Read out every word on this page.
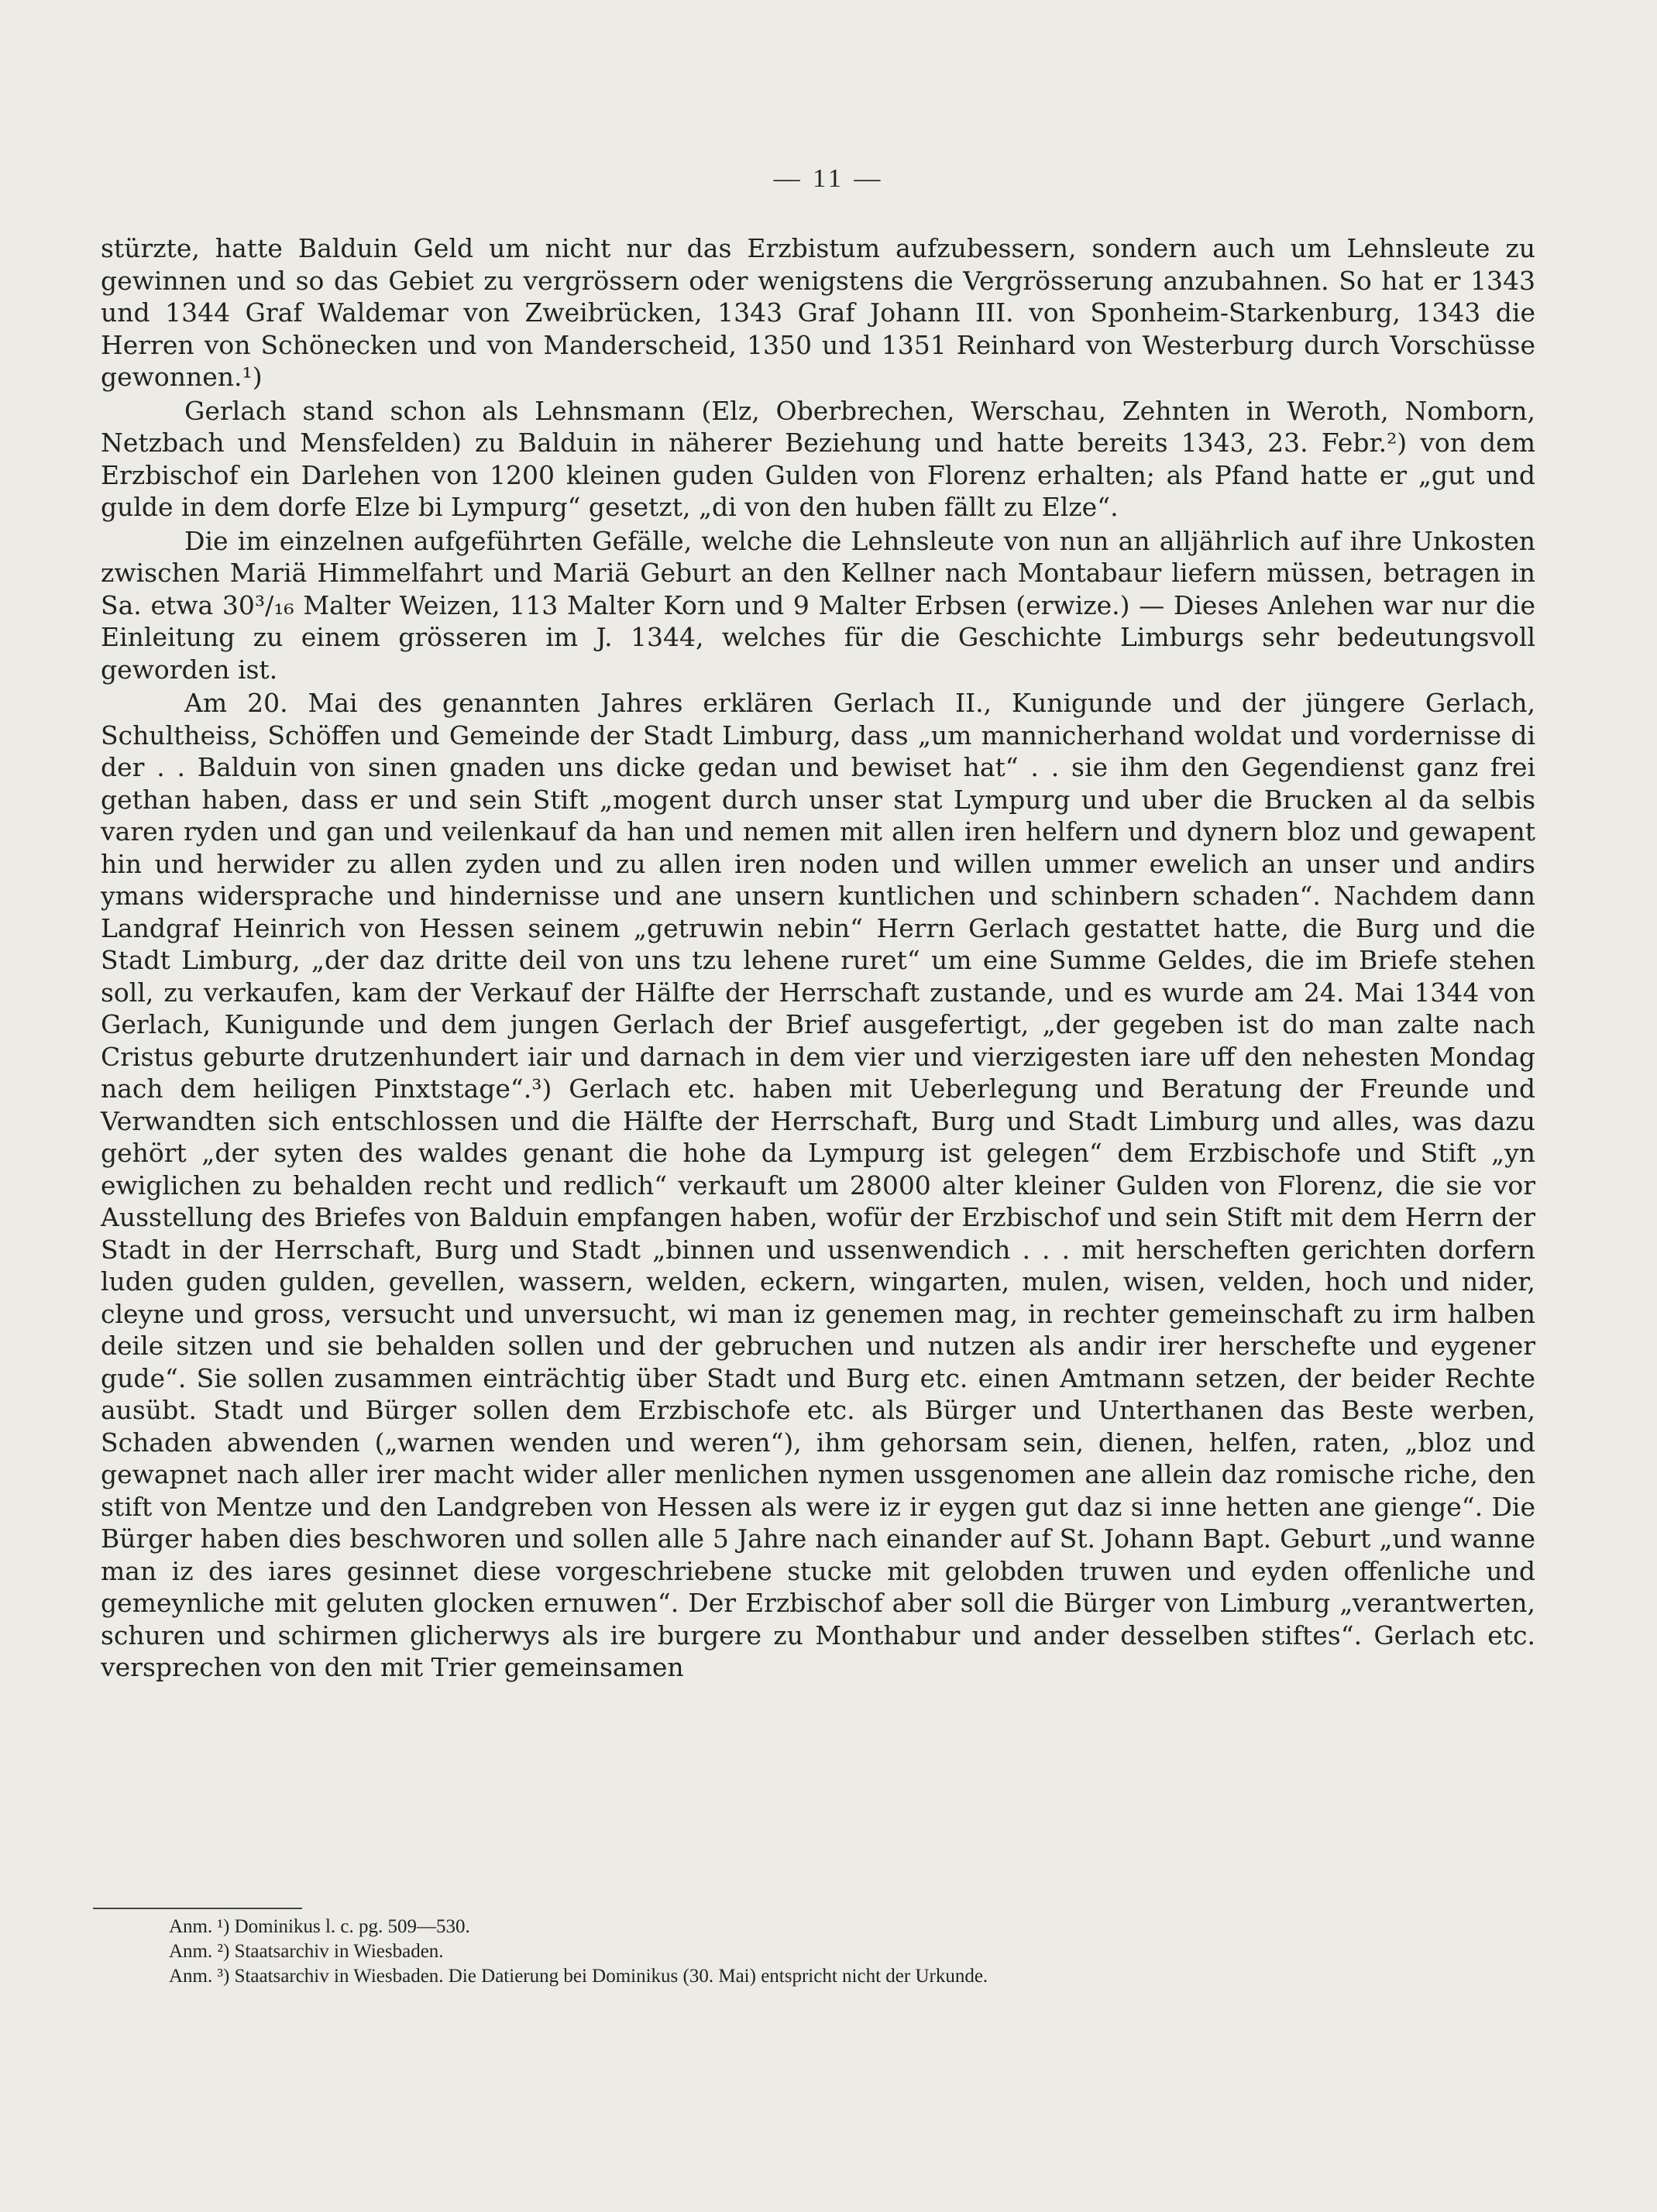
— 11 —

stürzte, hatte Balduin Geld um nicht nur das Erzbistum aufzubessern, sondern auch um Lehnsleute zu gewinnen und so das Gebiet zu vergrössern oder wenigstens die Vergrösserung anzubahnen. So hat er 1343 und 1344 Graf Waldemar von Zweibrücken, 1343 Graf Johann III. von Sponheim-Starkenburg, 1343 die Herren von Schönecken und von Manderscheid, 1350 und 1351 Reinhard von Westerburg durch Vorschüsse gewonnen.¹)

Gerlach stand schon als Lehnsmann (Elz, Oberbrechen, Werschau, Zehnten in Weroth, Nomborn, Netzbach und Mensfelden) zu Balduin in näherer Beziehung und hatte bereits 1343, 23. Febr.²) von dem Erzbischof ein Darlehen von 1200 kleinen guden Gulden von Florenz erhalten; als Pfand hatte er „gut und gulde in dem dorfe Elze bi Lympurg“ gesetzt, „di von den huben fällt zu Elze“.

Die im einzelnen aufgeführten Gefälle, welche die Lehnsleute von nun an alljährlich auf ihre Unkosten zwischen Mariä Himmelfahrt und Mariä Geburt an den Kellner nach Montabaur liefern müssen, betragen in Sa. etwa 30³/₁₆ Malter Weizen, 113 Malter Korn und 9 Malter Erbsen (erwize.) — Dieses Anlehen war nur die Einleitung zu einem grösseren im J. 1344, welches für die Geschichte Limburgs sehr bedeutungsvoll geworden ist.

Am 20. Mai des genannten Jahres erklären Gerlach II., Kunigunde und der jüngere Gerlach, Schultheiss, Schöffen und Gemeinde der Stadt Limburg, dass „um mannicherhand woldat und vordernisse di der . . Balduin von sinen gnaden uns dicke gedan und bewiset hat“ . . sie ihm den Gegendienst ganz frei gethan haben, dass er und sein Stift „mogent durch unser stat Lympurg und uber die Brucken al da selbis varen ryden und gan und veilenkauf da han und nemen mit allen iren helfern und dynern bloz und gewapent hin und herwider zu allen zyden und zu allen iren noden und willen ummer ewelich an unser und andirs ymans widersprache und hindernisse und ane unsern kuntlichen und schinbern schaden“. Nachdem dann Landgraf Heinrich von Hessen seinem „getruwin nebin“ Herrn Gerlach gestattet hatte, die Burg und die Stadt Limburg, „der daz dritte deil von uns tzu lehene ruret“ um eine Summe Geldes, die im Briefe stehen soll, zu verkaufen, kam der Verkauf der Hälfte der Herrschaft zustande, und es wurde am 24. Mai 1344 von Gerlach, Kunigunde und dem jungen Gerlach der Brief ausgefertigt, „der gegeben ist do man zalte nach Cristus geburte drutzenhundert iair und darnach in dem vier und vierzigesten iare uff den nehesten Mondag nach dem heiligen Pinxtstage“.³) Gerlach etc. haben mit Ueberlegung und Beratung der Freunde und Verwandten sich entschlossen und die Hälfte der Herrschaft, Burg und Stadt Limburg und alles, was dazu gehört „der syten des waldes genant die hohe da Lympurg ist gelegen“ dem Erzbischofe und Stift „yn ewiglichen zu behalden recht und redlich“ verkauft um 28000 alter kleiner Gulden von Florenz, die sie vor Ausstellung des Briefes von Balduin empfangen haben, wofür der Erzbischof und sein Stift mit dem Herrn der Stadt in der Herrschaft, Burg und Stadt „binnen und ussenwendich . . . mit herscheften gerichten dorfern luden guden gulden, gevellen, wassern, welden, eckern, wingarten, mulen, wisen, velden, hoch und nider, cleyne und gross, versucht und unversucht, wi man iz genemen mag, in rechter gemeinschaft zu irm halben deile sitzen und sie behalden sollen und der gebruchen und nutzen als andir irer herschefte und eygener gude“. Sie sollen zusammen einträchtig über Stadt und Burg etc. einen Amtmann setzen, der beider Rechte ausübt. Stadt und Bürger sollen dem Erzbischofe etc. als Bürger und Unterthanen das Beste werben, Schaden abwenden („warnen wenden und weren“), ihm gehorsam sein, dienen, helfen, raten, „bloz und gewapnet nach aller irer macht wider aller menlichen nymen ussgenomen ane allein daz romische riche, den stift von Mentze und den Landgreben von Hessen als were iz ir eygen gut daz si inne hetten ane gienge“. Die Bürger haben dies beschworen und sollen alle 5 Jahre nach einander auf St. Johann Bapt. Geburt „und wanne man iz des iares gesinnet diese vorgeschriebene stucke mit gelobden truwen und eyden offenliche und gemeynliche mit geluten glocken ernuwen“. Der Erzbischof aber soll die Bürger von Limburg „verantwerten, schuren und schirmen glicherwys als ire burgere zu Monthabur und ander desselben stiftes“. Gerlach etc. versprechen von den mit Trier gemeinsamen

Anm. ¹) Dominikus l. c. pg. 509—530.
Anm. ²) Staatsarchiv in Wiesbaden.
Anm. ³) Staatsarchiv in Wiesbaden. Die Datierung bei Dominikus (30. Mai) entspricht nicht der Urkunde.
